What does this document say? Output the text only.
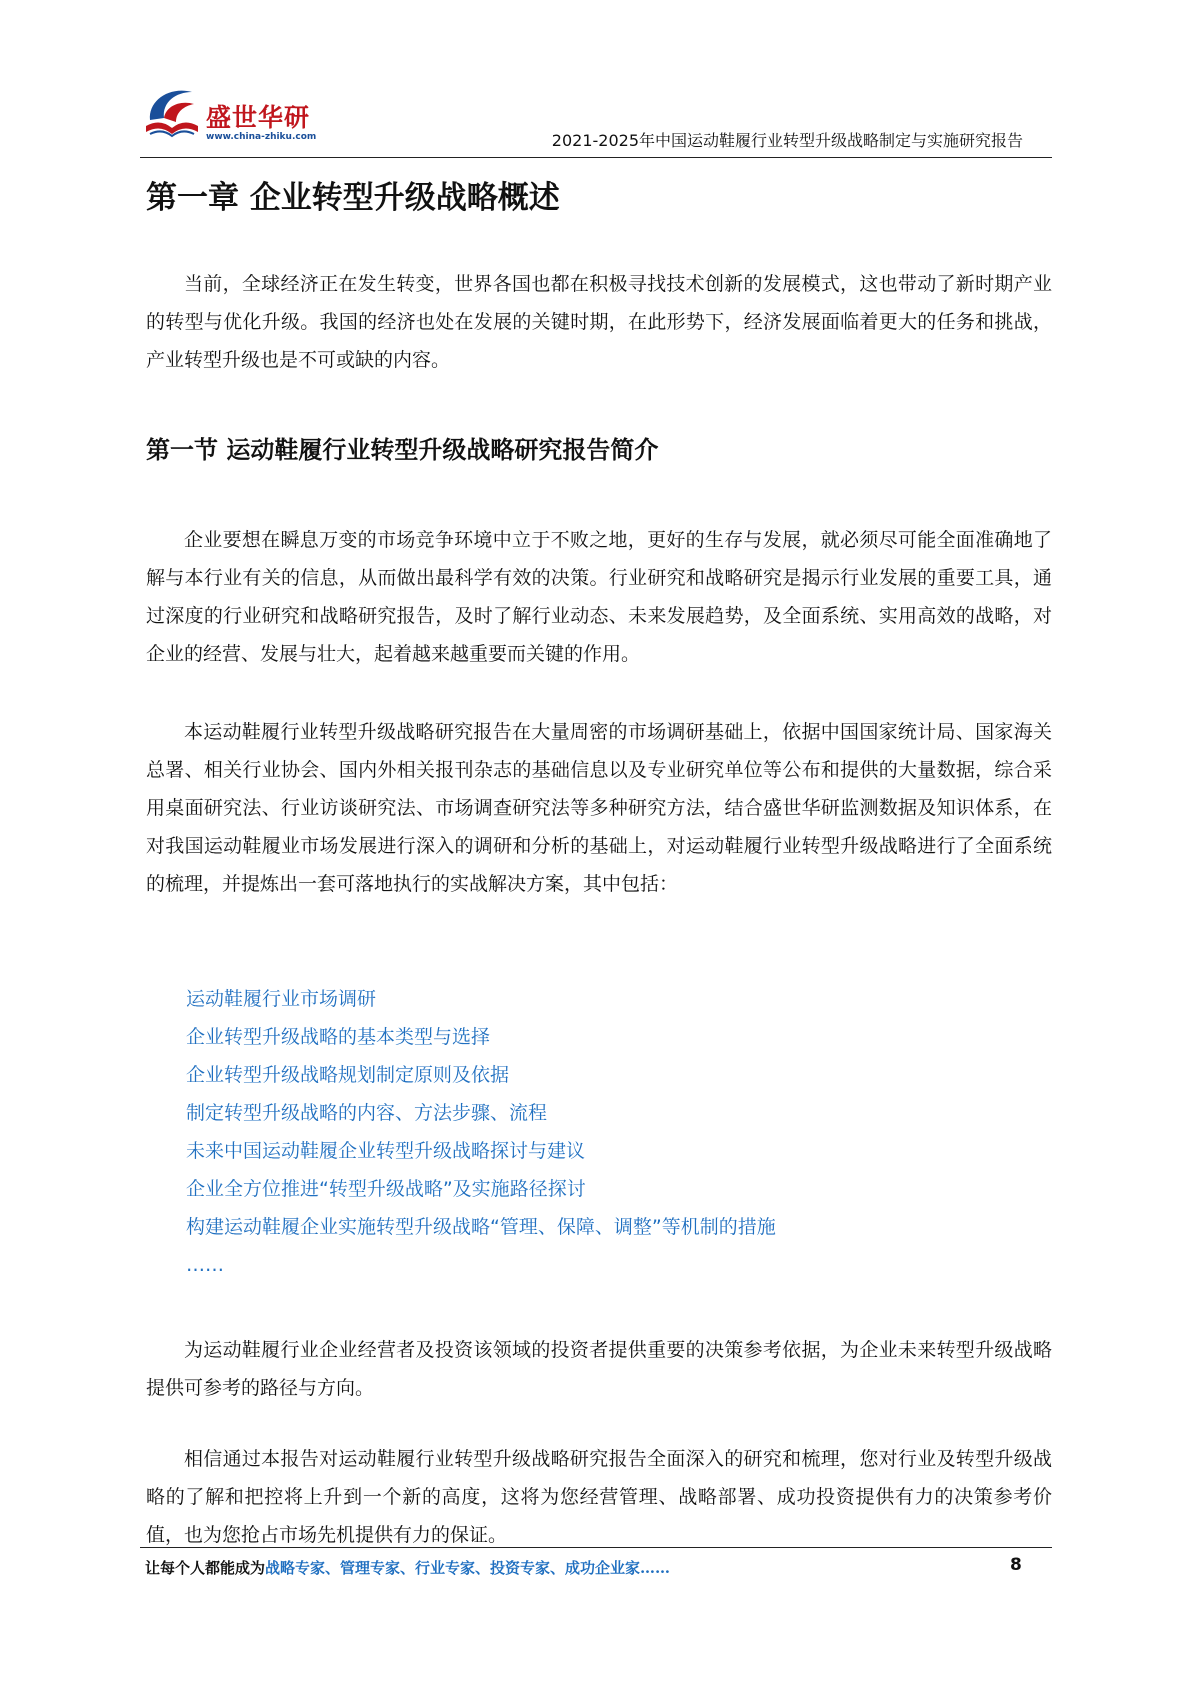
盛世华研
www.china-zhiku.com	2021-2025年中国运动鞋履行业转型升级战略制定与实施研究报告
第一章 企业转型升级战略概述

当前，全球经济正在发生转变，世界各国也都在积极寻找技术创新的发展模式，这也带动了新时期产业的转型与优化升级。我国的经济也处在发展的关键时期，在此形势下，经济发展面临着更大的任务和挑战，产业转型升级也是不可或缺的内容。

第一节 运动鞋履行业转型升级战略研究报告简介

企业要想在瞬息万变的市场竞争环境中立于不败之地，更好的生存与发展，就必须尽可能全面准确地了解与本行业有关的信息，从而做出最科学有效的决策。行业研究和战略研究是揭示行业发展的重要工具，通过深度的行业研究和战略研究报告，及时了解行业动态、未来发展趋势，及全面系统、实用高效的战略，对企业的经营、发展与壮大，起着越来越重要而关键的作用。

本运动鞋履行业转型升级战略研究报告在大量周密的市场调研基础上，依据中国国家统计局、国家海关总署、相关行业协会、国内外相关报刊杂志的基础信息以及专业研究单位等公布和提供的大量数据，综合采用桌面研究法、行业访谈研究法、市场调查研究法等多种研究方法，结合盛世华研监测数据及知识体系，在对我国运动鞋履业市场发展进行深入的调研和分析的基础上，对运动鞋履行业转型升级战略进行了全面系统的梳理，并提炼出一套可落地执行的实战解决方案，其中包括：

运动鞋履行业市场调研
企业转型升级战略的基本类型与选择
企业转型升级战略规划制定原则及依据
制定转型升级战略的内容、方法步骤、流程
未来中国运动鞋履企业转型升级战略探讨与建议
企业全方位推进“转型升级战略”及实施路径探讨
构建运动鞋履企业实施转型升级战略“管理、保障、调整”等机制的措施
……

为运动鞋履行业企业经营者及投资该领域的投资者提供重要的决策参考依据，为企业未来转型升级战略提供可参考的路径与方向。

相信通过本报告对运动鞋履行业转型升级战略研究报告全面深入的研究和梳理，您对行业及转型升级战略的了解和把控将上升到一个新的高度，这将为您经营管理、战略部署、成功投资提供有力的决策参考价值，也为您抢占市场先机提供有力的保证。

让每个人都能成为战略专家、管理专家、行业专家、投资专家、成功企业家……	8
